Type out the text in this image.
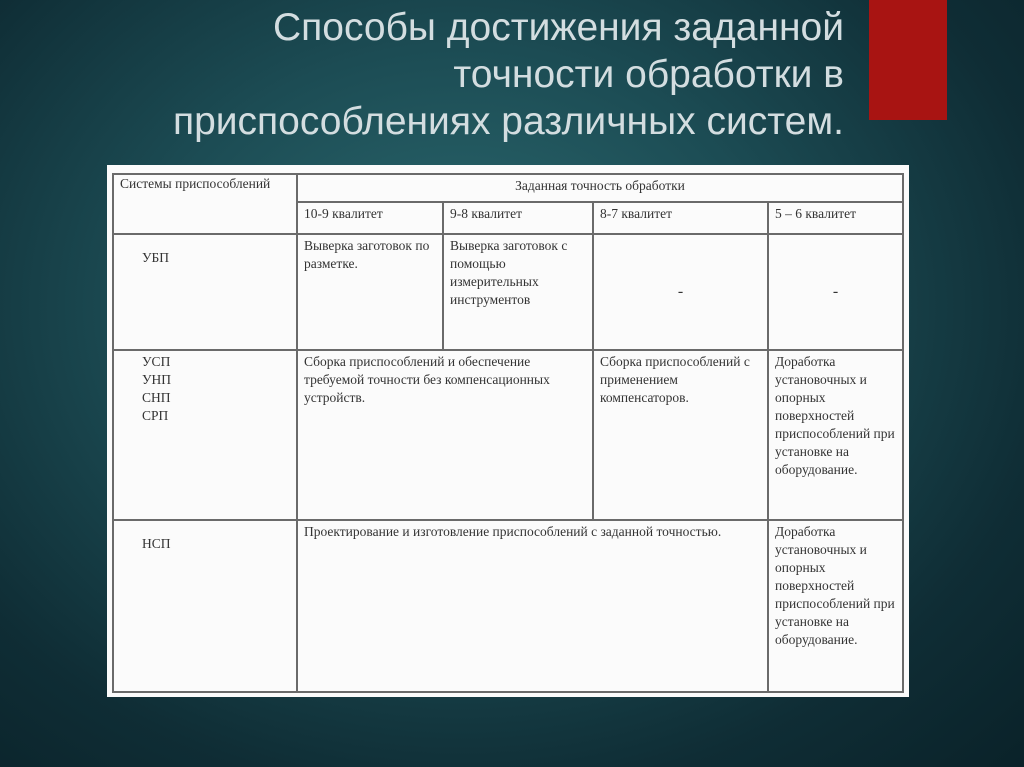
Способы достижения заданной
точности обработки в
приспособлениях различных систем.
Системы приспособлений	Заданная точность обработки			
	10-9 квалитет	9-8 квалитет	8-7 квалитет	5 – 6 квалитет

УБП	Выверка заготовок по разметке.	Выверка заготовок с помощью измерительных инструментов	-	-

УСП
УНП
СНП
СРП	Сборка приспособлений и обеспечение требуемой точности без компенсационных устройств.		Сборка приспособлений с применением компенсаторов.	Доработка установочных и опорных поверхностей приспособлений при установке на оборудование.

НСП	Проектирование и изготовление приспособлений с заданной точностью.			Доработка установочных и опорных поверхностей приспособлений при установке на оборудование.
